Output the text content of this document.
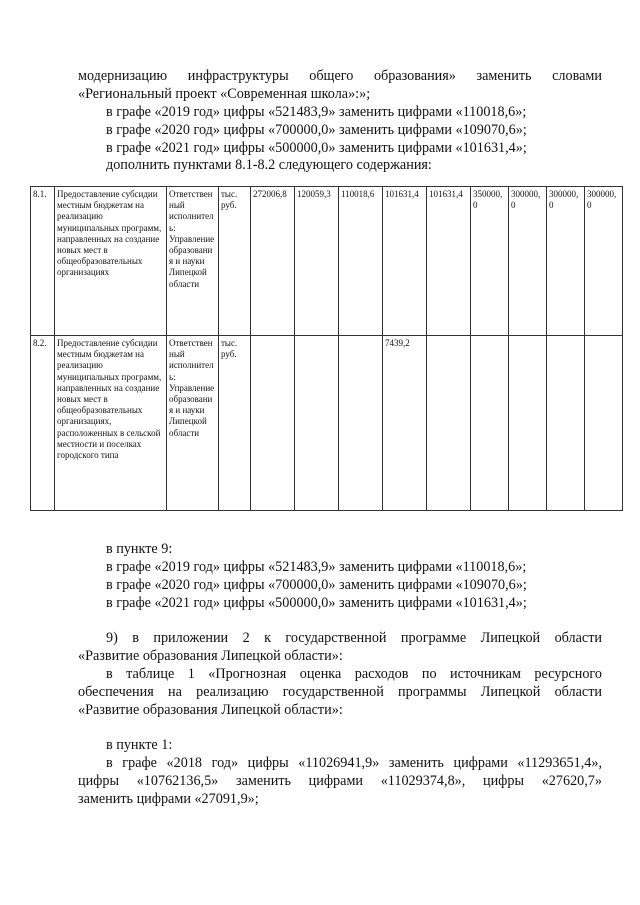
модернизацию инфраструктуры общего образования» заменить словами

«Региональный проект «Современная школа»:»;

в графе «2019 год» цифры «521483,9» заменить цифрами «110018,6»;

в графе «2020 год» цифры «700000,0» заменить цифрами «109070,6»;

в графе «2021 год» цифры «500000,0» заменить цифрами «101631,4»;

дополнить пунктами 8.1-8.2 следующего содержания:

8.1.	Предоставление субсидии местным бюджетам на реализацию муниципальных программ, направленных на создание новых мест в общеобразовательных организациях	Ответственный исполнитель: Управление образования и науки Липецкой области	тыс. руб.	272006,8	120059,3	110018,6	101631,4	101631,4	350000,0	300000,0	300000,0	300000,0
8.2.	Предоставление субсидии местным бюджетам на реализацию муниципальных программ, направленных на создание новых мест в общеобразовательных организациях, расположенных в сельской местности и поселках городского типа	Ответственный исполнитель: Управление образования и науки Липецкой области	тыс. руб.				7439,2					

в пункте 9:

в графе «2019 год» цифры «521483,9» заменить цифрами «110018,6»;

в графе «2020 год» цифры «700000,0» заменить цифрами «109070,6»;

в графе «2021 год» цифры «500000,0» заменить цифрами «101631,4»;

9) в приложении 2 к государственной программе Липецкой области

«Развитие образования Липецкой области»:

в таблице 1 «Прогнозная оценка расходов по источникам ресурсного

обеспечения на реализацию государственной программы Липецкой области

«Развитие образования Липецкой области»:

в пункте 1:

в графе «2018 год» цифры «11026941,9» заменить цифрами «11293651,4»,

цифры «10762136,5» заменить цифрами «11029374,8», цифры «27620,7»

заменить цифрами «27091,9»;
